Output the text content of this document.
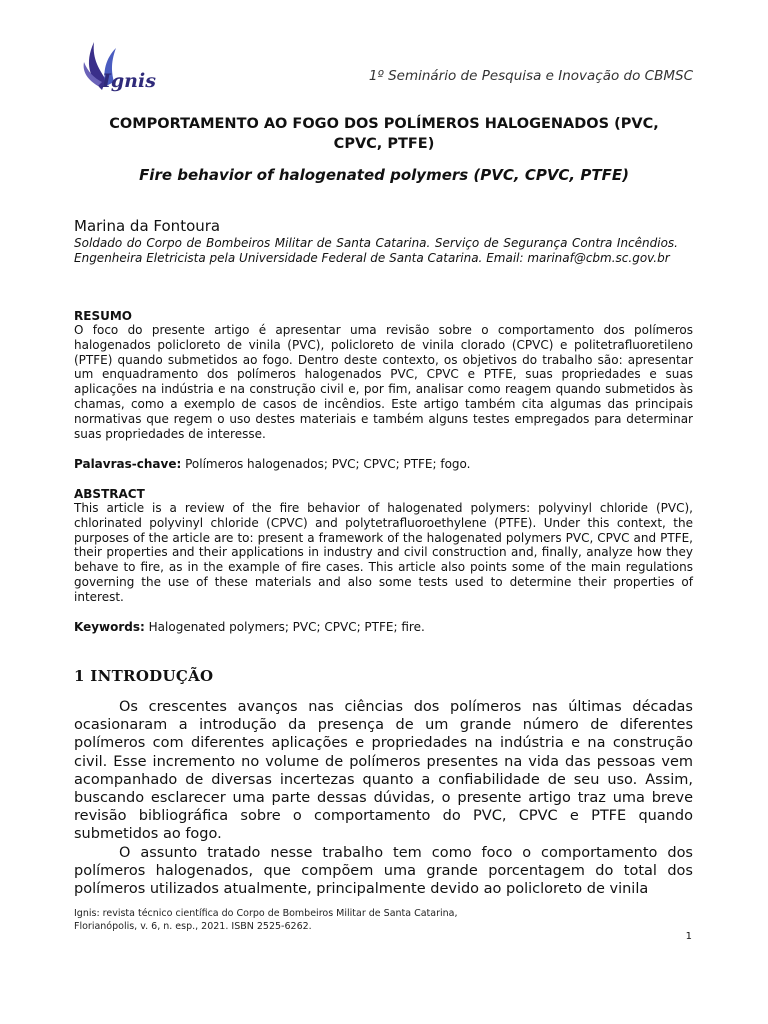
Ignis	1º Seminário de Pesquisa e Inovação do CBMSC
COMPORTAMENTO AO FOGO DOS POLÍMEROS HALOGENADOS (PVC,
CPVC, PTFE)
Fire behavior of halogenated polymers (PVC, CPVC, PTFE)
Marina da Fontoura
Soldado do Corpo de Bombeiros Militar de Santa Catarina. Serviço de Segurança Contra Incêndios. Engenheira Eletricista pela Universidade Federal de Santa Catarina. Email: marinaf@cbm.sc.gov.br
RESUMO
O foco do presente artigo é apresentar uma revisão sobre o comportamento dos polímeros halogenados policloreto de vinila (PVC), policloreto de vinila clorado (CPVC) e politetrafluoretileno (PTFE) quando submetidos ao fogo. Dentro deste contexto, os objetivos do trabalho são: apresentar um enquadramento dos polímeros halogenados PVC, CPVC e PTFE, suas propriedades e suas aplicações na indústria e na construção civil e, por fim, analisar como reagem quando submetidos às chamas, como a exemplo de casos de incêndios. Este artigo também cita algumas das principais normativas que regem o uso destes materiais e também alguns testes empregados para determinar suas propriedades de interesse.
Palavras-chave: Polímeros halogenados; PVC; CPVC; PTFE; fogo.
ABSTRACT
This article is a review of the fire behavior of halogenated polymers: polyvinyl chloride (PVC), chlorinated polyvinyl chloride (CPVC) and polytetrafluoroethylene (PTFE). Under this context, the purposes of the article are to: present a framework of the halogenated polymers PVC, CPVC and PTFE, their properties and their applications in industry and civil construction and, finally, analyze how they behave to fire, as in the example of fire cases. This article also points some of the main regulations governing the use of these materials and also some tests used to determine their properties of interest.
Keywords: Halogenated polymers; PVC; CPVC; PTFE; fire.
1 INTRODUÇÃO

Os crescentes avanços nas ciências dos polímeros nas últimas décadas ocasionaram a introdução da presença de um grande número de diferentes polímeros com diferentes aplicações e propriedades na indústria e na construção civil. Esse incremento no volume de polímeros presentes na vida das pessoas vem acompanhado de diversas incertezas quanto a confiabilidade de seu uso. Assim, buscando esclarecer uma parte dessas dúvidas, o presente artigo traz uma breve revisão bibliográfica sobre o comportamento do PVC, CPVC e PTFE quando submetidos ao fogo.

O assunto tratado nesse trabalho tem como foco o comportamento dos polímeros halogenados, que compõem uma grande porcentagem do total dos polímeros utilizados atualmente, principalmente devido ao policloreto de vinila

Ignis: revista técnico científica do Corpo de Bombeiros Militar de Santa Catarina,
Florianópolis, v. 6, n. esp., 2021. ISBN 2525-6262.
1
